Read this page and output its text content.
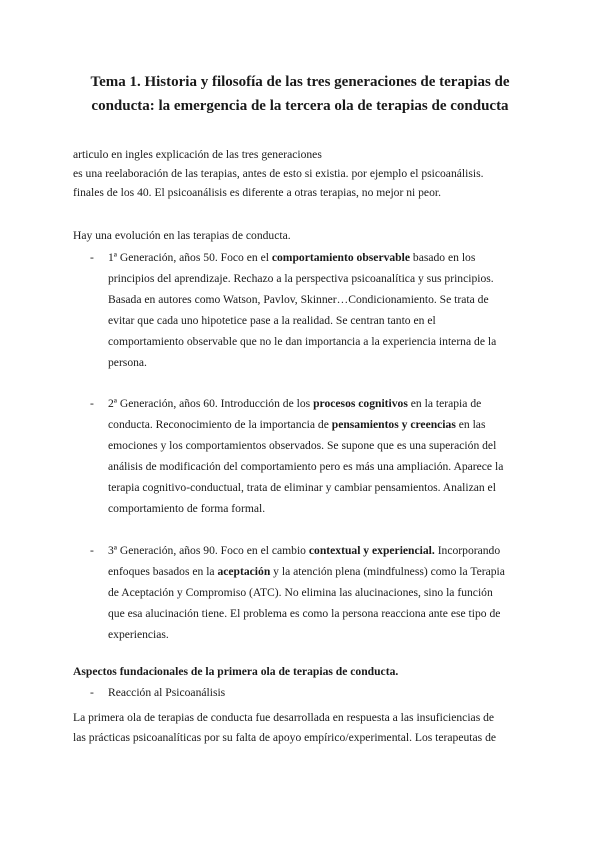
Tema 1. Historia y filosofía de las tres generaciones de terapias de
conducta: la emergencia de la tercera ola de terapias de conducta

articulo en ingles explicación de las tres generaciones
es una reelaboración de las terapias, antes de esto si existia. por ejemplo el psicoanálisis.
finales de los 40. El psicoanálisis es diferente a otras terapias, no mejor ni peor.

Hay una evolución en las terapias de conducta.

- 1ª Generación, años 50. Foco en el comportamiento observable basado en los
principios del aprendizaje. Rechazo a la perspectiva psicoanalítica y sus principios.
Basada en autores como Watson, Pavlov, Skinner…Condicionamiento. Se trata de
evitar que cada uno hipotetice pase a la realidad. Se centran tanto en el
comportamiento observable que no le dan importancia a la experiencia interna de la
persona.
- 2ª Generación, años 60. Introducción de los procesos cognitivos en la terapia de
conducta. Reconocimiento de la importancia de pensamientos y creencias en las
emociones y los comportamientos observados. Se supone que es una superación del
análisis de modificación del comportamiento pero es más una ampliación. Aparece la
terapia cognitivo-conductual, trata de eliminar y cambiar pensamientos. Analizan el
comportamiento de forma formal.
- 3ª Generación, años 90. Foco en el cambio contextual y experiencial. Incorporando
enfoques basados en la aceptación y la atención plena (mindfulness) como la Terapia
de Aceptación y Compromiso (ATC). No elimina las alucinaciones, sino la función
que esa alucinación tiene. El problema es como la persona reacciona ante ese tipo de
experiencias.

Aspectos fundacionales de la primera ola de terapias de conducta.

- Reacción al Psicoanálisis

La primera ola de terapias de conducta fue desarrollada en respuesta a las insuficiencias de
las prácticas psicoanalíticas por su falta de apoyo empírico/experimental. Los terapeutas de
